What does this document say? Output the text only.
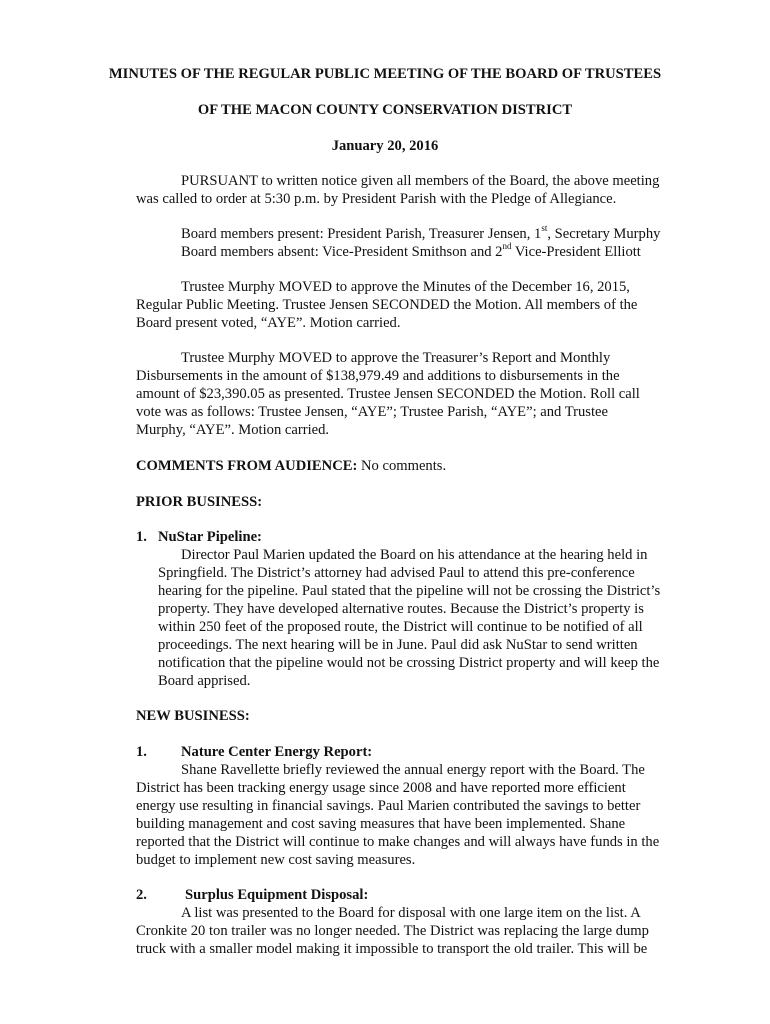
MINUTES OF THE REGULAR PUBLIC MEETING OF THE BOARD OF TRUSTEES
OF THE MACON COUNTY CONSERVATION DISTRICT
January 20, 2016
PURSUANT to written notice given all members of the Board, the above meeting
was called to order at 5:30 p.m. by President Parish with the Pledge of Allegiance.
Board members present: President Parish, Treasurer Jensen, 1st, Secretary Murphy
Board members absent: Vice-President Smithson and 2nd Vice-President Elliott
Trustee Murphy MOVED to approve the Minutes of the December 16, 2015,
Regular Public Meeting. Trustee Jensen SECONDED the Motion. All members of the
Board present voted, “AYE”. Motion carried.
Trustee Murphy MOVED to approve the Treasurer’s Report and Monthly
Disbursements in the amount of $138,979.49 and additions to disbursements in the
amount of $23,390.05 as presented. Trustee Jensen SECONDED the Motion. Roll call
vote was as follows: Trustee Jensen, “AYE”; Trustee Parish, “AYE”; and Trustee
Murphy, “AYE”. Motion carried.
COMMENTS FROM AUDIENCE: No comments.
PRIOR BUSINESS:
1. NuStar Pipeline:
Director Paul Marien updated the Board on his attendance at the hearing held in
Springfield. The District’s attorney had advised Paul to attend this pre-conference
hearing for the pipeline. Paul stated that the pipeline will not be crossing the District’s
property. They have developed alternative routes. Because the District’s property is
within 250 feet of the proposed route, the District will continue to be notified of all
proceedings. The next hearing will be in June. Paul did ask NuStar to send written
notification that the pipeline would not be crossing District property and will keep the
Board apprised.
NEW BUSINESS:
1. Nature Center Energy Report:
Shane Ravellette briefly reviewed the annual energy report with the Board. The
District has been tracking energy usage since 2008 and have reported more efficient
energy use resulting in financial savings. Paul Marien contributed the savings to better
building management and cost saving measures that have been implemented. Shane
reported that the District will continue to make changes and will always have funds in the
budget to implement new cost saving measures.
2.	Surplus Equipment Disposal:
A list was presented to the Board for disposal with one large item on the list. A
Cronkite 20 ton trailer was no longer needed. The District was replacing the large dump
truck with a smaller model making it impossible to transport the old trailer. This will be
